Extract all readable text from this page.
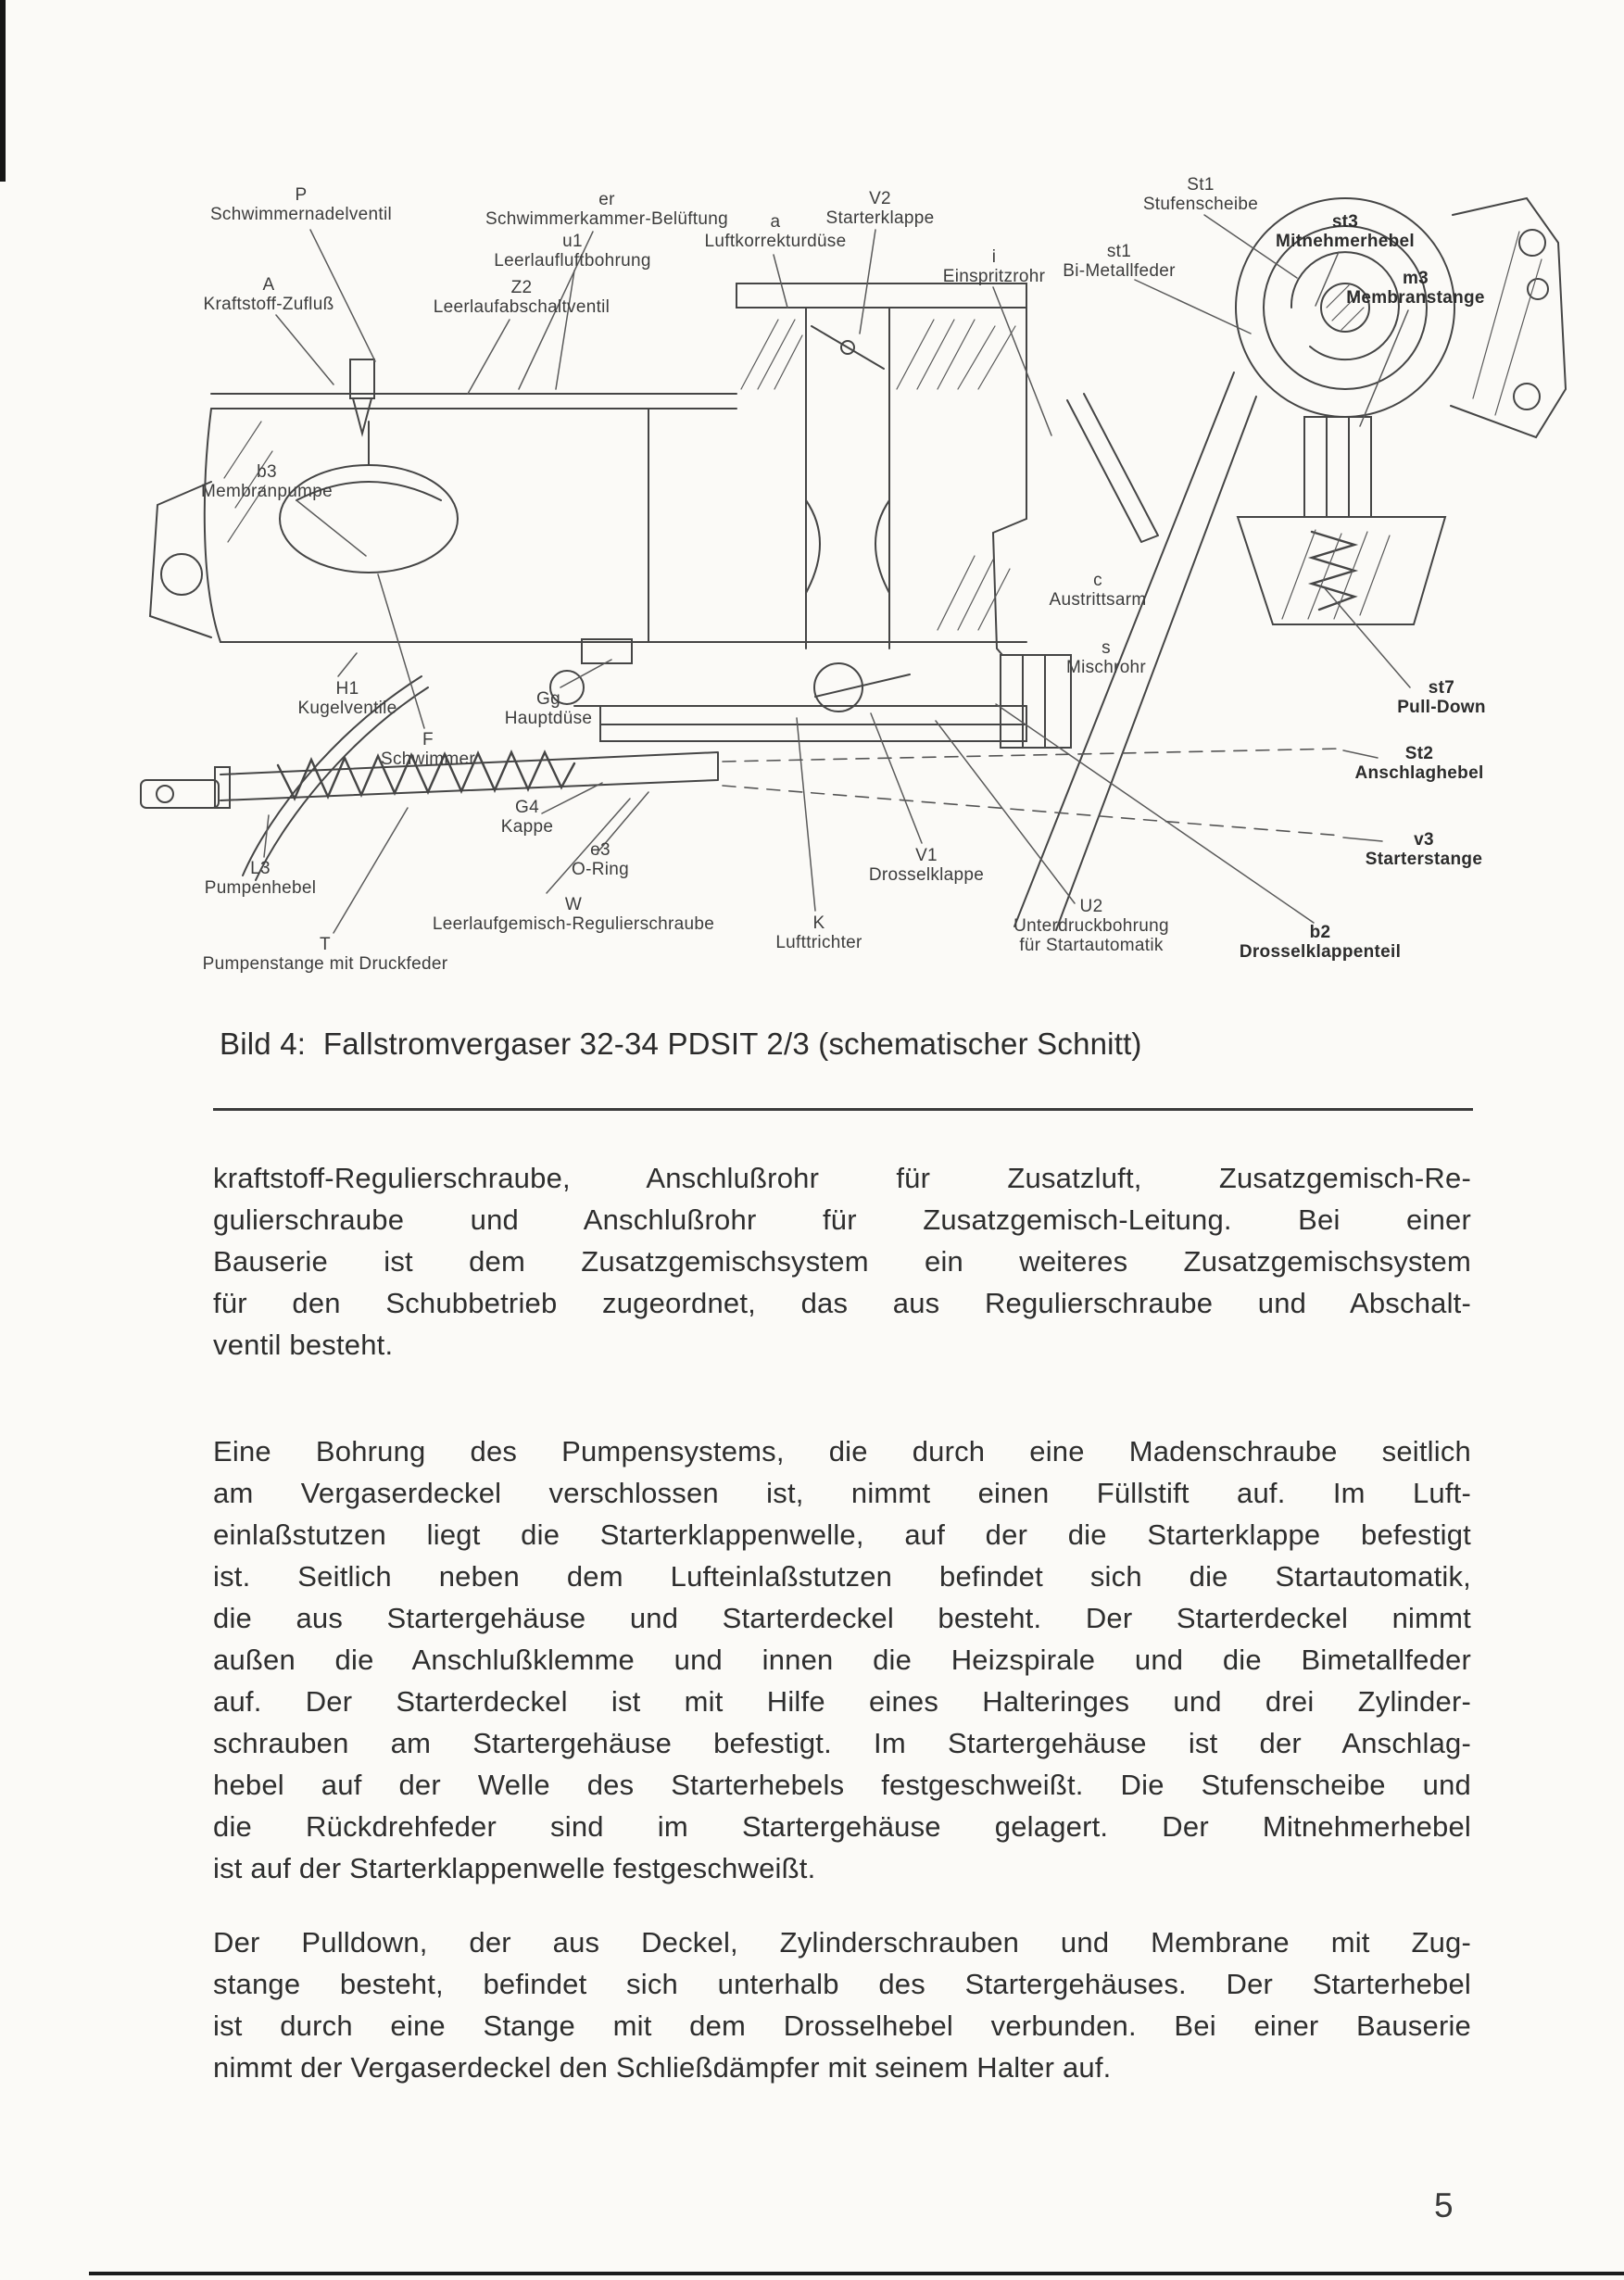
P
Schwimmernadelventil
er
Schwimmerkammer-Belüftung
u1
Leerlaufluftbohrung
Z2
Leerlaufabschaltventil
A
Kraftstoff-Zufluß
a
Luftkorrekturdüse
V2
Starterklappe
i
Einspritzrohr
St1
Stufenscheibe
st3
Mitnehmerhebel
st1
Bi-Metallfeder	m3
Membranstange
b3
Membranpumpe
c
Austrittsarm
s
Mischrohr
H1
Kugelventile	Gg
Hauptdüse
F
Schwimmer
G4
Kappe
e3
O-Ring
L3
Pumpenhebel
W
Leerlaufgemisch-Regulierschraube
T
Pumpenstange mit Druckfeder
K
Lufttrichter
V1
Drosselklappe
U2
Unterdruckbohrung
für Startautomatik
b2
Drosselklappenteil
v3
Starterstange
St2
Anschlaghebel
st7
Pull-Down
Bild 4:  Fallstromvergaser 32-34 PDSIT 2/3 (schematischer Schnitt)

kraftstoff-Regulierschraube, Anschlußrohr für Zusatzluft, Zusatzgemisch-Re-
gulierschraube und Anschlußrohr für Zusatzgemisch-Leitung. Bei einer
Bauserie ist dem Zusatzgemischsystem ein weiteres Zusatzgemischsystem
für den Schubbetrieb zugeordnet, das aus Regulierschraube und Abschalt-
ventil besteht.

Eine Bohrung des Pumpensystems, die durch eine Madenschraube seitlich
am Vergaserdeckel verschlossen ist, nimmt einen Füllstift auf. Im Luft-
einlaßstutzen liegt die Starterklappenwelle, auf der die Starterklappe befestigt
ist. Seitlich neben dem Lufteinlaßstutzen befindet sich die Startautomatik,
die aus Startergehäuse und Starterdeckel besteht. Der Starterdeckel nimmt
außen die Anschlußklemme und innen die Heizspirale und die Bimetallfeder
auf. Der Starterdeckel ist mit Hilfe eines Halteringes und drei Zylinder-
schrauben am Startergehäuse befestigt. Im Startergehäuse ist der Anschlag-
hebel auf der Welle des Starterhebels festgeschweißt. Die Stufenscheibe und
die Rückdrehfeder sind im Startergehäuse gelagert. Der Mitnehmerhebel
ist auf der Starterklappenwelle festgeschweißt.

Der Pulldown, der aus Deckel, Zylinderschrauben und Membrane mit Zug-
stange besteht, befindet sich unterhalb des Startergehäuses. Der Starterhebel
ist durch eine Stange mit dem Drosselhebel verbunden. Bei einer Bauserie
nimmt der Vergaserdeckel den Schließdämpfer mit seinem Halter auf.

5
